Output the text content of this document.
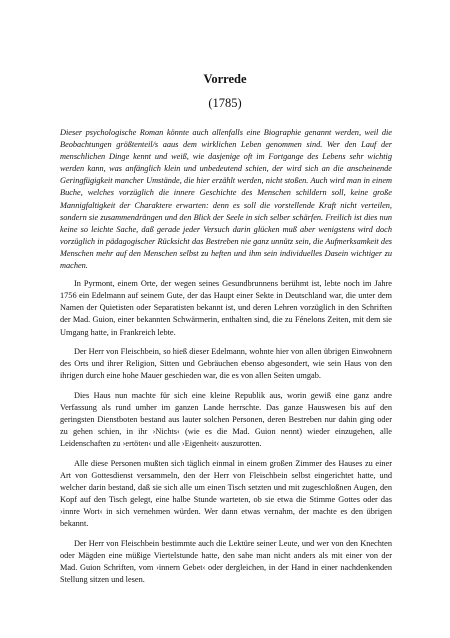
Vorrede
(1785)

Dieser psychologische Roman könnte auch allenfalls eine Biographie genannt werden, weil die Beobachtungen größtenteil/s aaus dem wirklichen Leben genommen sind. Wer den Lauf der menschlichen Dinge kennt und weiß, wie dasjenige oft im Fortgange des Lebens sehr wichtig werden kann, was anfänglich klein und unbedeutend schien, der wird sich an die anscheinende Geringfügigkeit mancher Umstände, die hier erzählt werden, nicht stoßen. Auch wird man in einem Buche, welches vorzüglich die innere Geschichte des Menschen schildern soll, keine große Mannigfaltigkeit der Charaktere erwarten: denn es soll die vorstellende Kraft nicht verteilen, sondern sie zusammendrängen und den Blick der Seele in sich selber schärfen. Freilich ist dies nun keine so leichte Sache, daß gerade jeder Versuch darin glücken muß aber wenigstens wird doch vorzüglich in pädagogischer Rücksicht das Bestreben nie ganz unnütz sein, die Aufmerksamkeit des Menschen mehr auf den Menschen selbst zu heften und ihm sein individuelles Dasein wichtiger zu machen.

In Pyrmont, einem Orte, der wegen seines Gesundbrunnens berühmt ist, lebte noch im Jahre 1756 ein Edelmann auf seinem Gute, der das Haupt einer Sekte in Deutschland war, die unter dem Namen der Quietisten oder Separatisten bekannt ist, und deren Lehren vorzüglich in den Schriften der Mad. Guion, einer bekannten Schwärmerin, enthalten sind, die zu Fénelons Zeiten, mit dem sie Umgang hatte, in Frankreich lebte.

Der Herr von Fleischbein, so hieß dieser Edelmann, wohnte hier von allen übrigen Einwohnern des Orts und ihrer Religion, Sitten und Gebräuchen ebenso abgesondert, wie sein Haus von den ihrigen durch eine hohe Mauer geschieden war, die es von allen Seiten umgab.

Dies Haus nun machte für sich eine kleine Republik aus, worin gewiß eine ganz andre Verfassung als rund umher im ganzen Lande herrschte. Das ganze Hauswesen bis auf den geringsten Dienstboten bestand aus lauter solchen Personen, deren Bestreben nur dahin ging oder zu gehen schien, in ihr ›Nichts‹ (wie es die Mad. Guion nennt) wieder einzugehen, alle Leidenschaften zu ›ertöten‹ und alle ›Eigenheit‹ auszurotten.

Alle diese Personen mußten sich täglich einmal in einem großen Zimmer des Hauses zu einer Art von Gottesdienst versammeln, den der Herr von Fleischbein selbst eingerichtet hatte, und welcher darin bestand, daß sie sich alle um einen Tisch setzten und mit zugeschloßnen Augen, den Kopf auf den Tisch gelegt, eine halbe Stunde warteten, ob sie etwa die Stimme Gottes oder das ›innre Wort‹ in sich vernehmen würden. Wer dann etwas vernahm, der machte es den übrigen bekannt.

Der Herr von Fleischbein bestimmte auch die Lektüre seiner Leute, und wer von den Knechten oder Mägden eine müßige Viertelstunde hatte, den sahe man nicht anders als mit einer von der Mad. Guion Schriften, vom ›innern Gebet‹ oder dergleichen, in der Hand in einer nachdenkenden Stellung sitzen und lesen.
